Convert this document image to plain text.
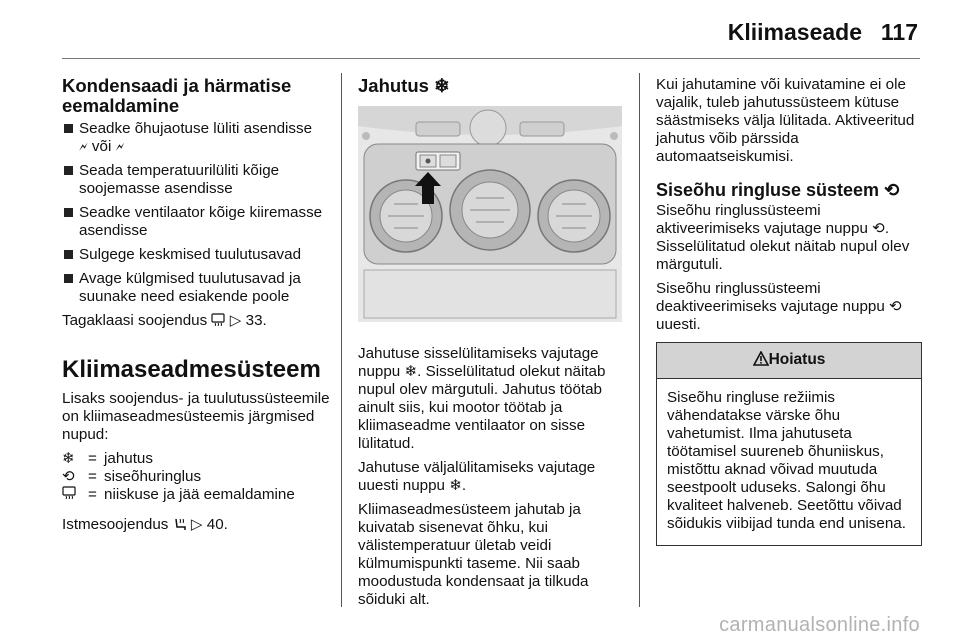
Kliimaseade 117
Kondensaadi ja härmatise eemaldamine
Seadke õhujaotuse lüliti asendisse
🗲 või 🗲
Seada temperatuurilüliti kõige soojemasse asendisse
Seadke ventilaator kõige kiiremasse asendisse
Sulgege keskmised tuulutusavad
Avage külgmised tuulutusavad ja suunake need esiakende poole

Tagaklaasi soojendus ▷ 33.

Kliimaseadmesüsteem

Lisaks soojendus- ja tuulutussüsteemile on kliimaseadmesüsteemis järgmised nupud:

❄ = jahutus
⟲ = siseõhuringlus
= niiskuse ja jää eemaldamine

Istmesoojendus ▷ 40.

Jahutus ❄

Jahutuse sisselülitamiseks vajutage nuppu ❄. Sisselülitatud olekut näitab nupul olev märgutuli. Jahutus töötab ainult siis, kui mootor töötab ja kliimaseadme ventilaator on sisse lülitatud.

Jahutuse väljalülitamiseks vajutage uuesti nuppu ❄.

Kliimaseadmesüsteem jahutab ja kuivatab sisenevat õhku, kui välistemperatuur ületab veidi külmumispunkti taseme. Nii saab moodustuda kondensaat ja tilkuda sõiduki alt.

Kui jahutamine või kuivatamine ei ole vajalik, tuleb jahutussüsteem kütuse säästmiseks välja lülitada. Aktiveeritud jahutus võib pärssida automaatseiskumisi.

Siseõhu ringluse süsteem ⟲

Siseõhu ringlussüsteemi aktiveerimiseks vajutage nuppu ⟲. Sisselülitatud olekut näitab nupul olev märgutuli.

Siseõhu ringlussüsteemi deaktiveerimiseks vajutage nuppu ⟲ uuesti.

Hoiatus
Siseõhu ringluse režiimis vähendatakse värske õhu vahetumist. Ilma jahutuseta töötamisel suureneb õhuniiskus, mistõttu aknad võivad muutuda seestpoolt uduseks. Salongi õhu kvaliteet halveneb. Seetõttu võivad sõidukis viibijad tunda end unisena.
carmanualsonline.info
